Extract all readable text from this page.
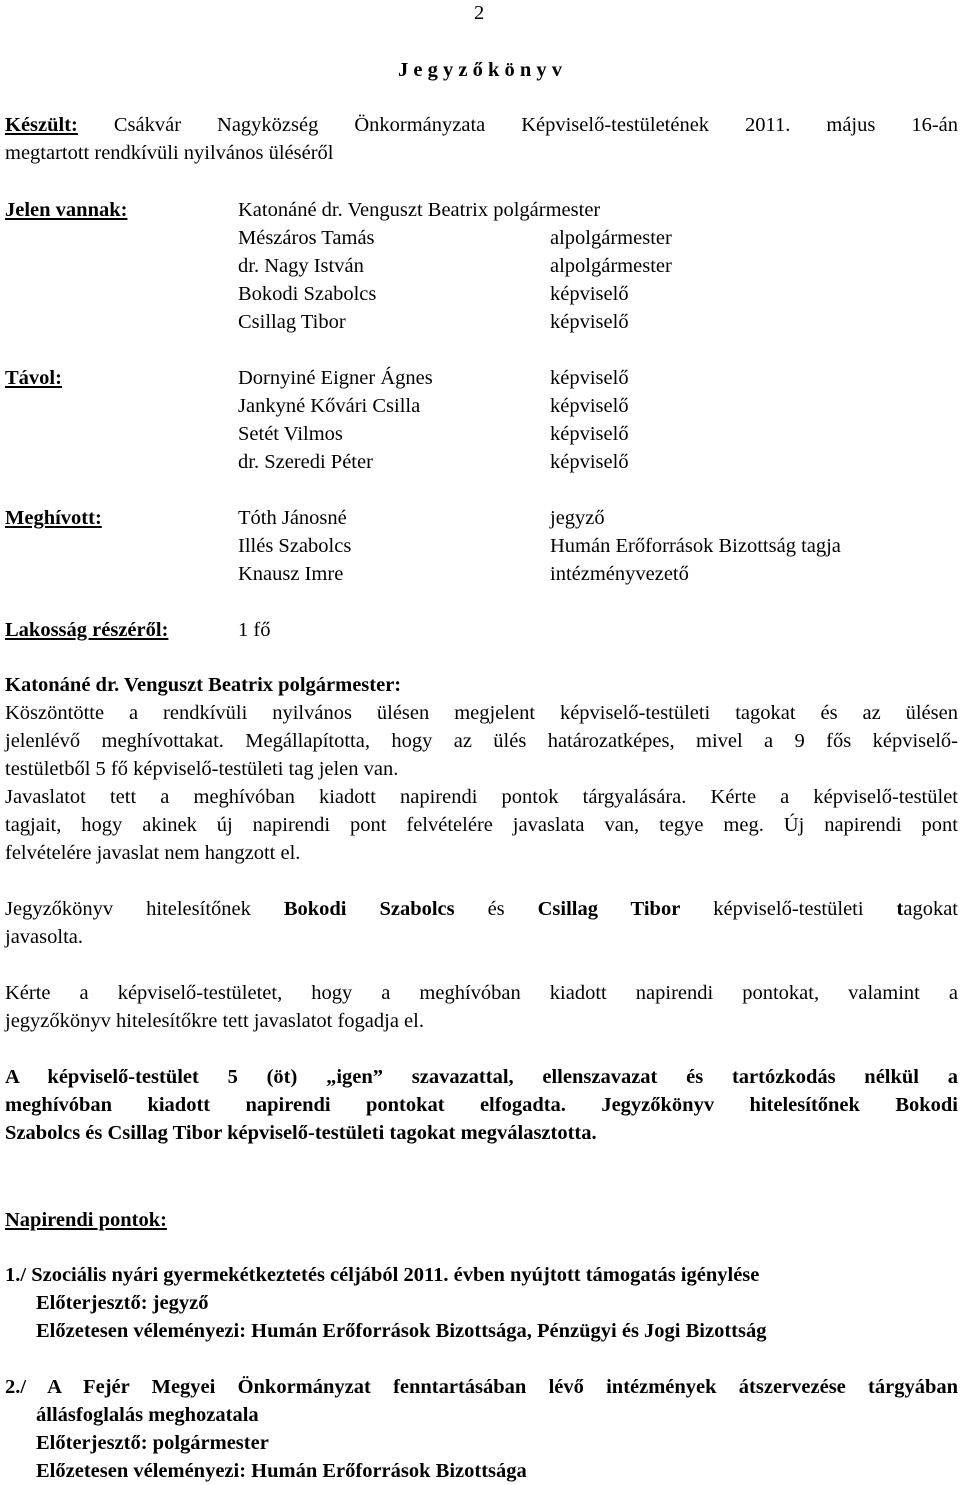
2
J e g y z ő k ö n y v
Készült: Csákvár Nagyközség Önkormányzata Képviselő-testületének 2011. május 16-án
megtartott rendkívüli nyilvános üléséről
Jelen vannak:	Katonáné dr. Venguszt Beatrix polgármester
Mészáros Tamás	alpolgármester
dr. Nagy István	alpolgármester
Bokodi Szabolcs	képviselő
Csillag Tibor	képviselő
Távol:	Dornyiné Eigner Ágnes	képviselő
Jankyné Kővári Csilla	képviselő
Setét Vilmos	képviselő
dr. Szeredi Péter	képviselő
Meghívott:	Tóth Jánosné	jegyző
Illés Szabolcs	Humán Erőforrások Bizottság tagja
Knausz Imre	intézményvezető
Lakosság részéről:	1 fő
Katonáné dr. Venguszt Beatrix polgármester:
Köszöntötte a rendkívüli nyilvános ülésen megjelent képviselő-testületi tagokat és az ülésen
jelenlévő meghívottakat. Megállapította, hogy az ülés határozatképes, mivel a 9 fős képviselő-
testületből 5 fő képviselő-testületi tag jelen van.
Javaslatot tett a meghívóban kiadott napirendi pontok tárgyalására. Kérte a képviselő-testület
tagjait, hogy akinek új napirendi pont felvételére javaslata van, tegye meg. Új napirendi pont
felvételére javaslat nem hangzott el.
Jegyzőkönyv hitelesítőnek Bokodi Szabolcs és Csillag Tibor képviselő-testületi tagokat
javasolta.
Kérte a képviselő-testületet, hogy a meghívóban kiadott napirendi pontokat, valamint a
jegyzőkönyv hitelesítőkre tett javaslatot fogadja el.
A képviselő-testület 5 (öt) „igen” szavazattal, ellenszavazat és tartózkodás nélkül a
meghívóban kiadott napirendi pontokat elfogadta. Jegyzőkönyv hitelesítőnek Bokodi
Szabolcs és Csillag Tibor képviselő-testületi tagokat megválasztotta.
Napirendi pontok:
1./ Szociális nyári gyermekétkeztetés céljából 2011. évben nyújtott támogatás igénylése
Előterjesztő: jegyző
Előzetesen véleményezi: Humán Erőforrások Bizottsága, Pénzügyi és Jogi Bizottság
2./ A Fejér Megyei Önkormányzat fenntartásában lévő intézmények átszervezése tárgyában
állásfoglalás meghozatala
Előterjesztő: polgármester
Előzetesen véleményezi: Humán Erőforrások Bizottsága
